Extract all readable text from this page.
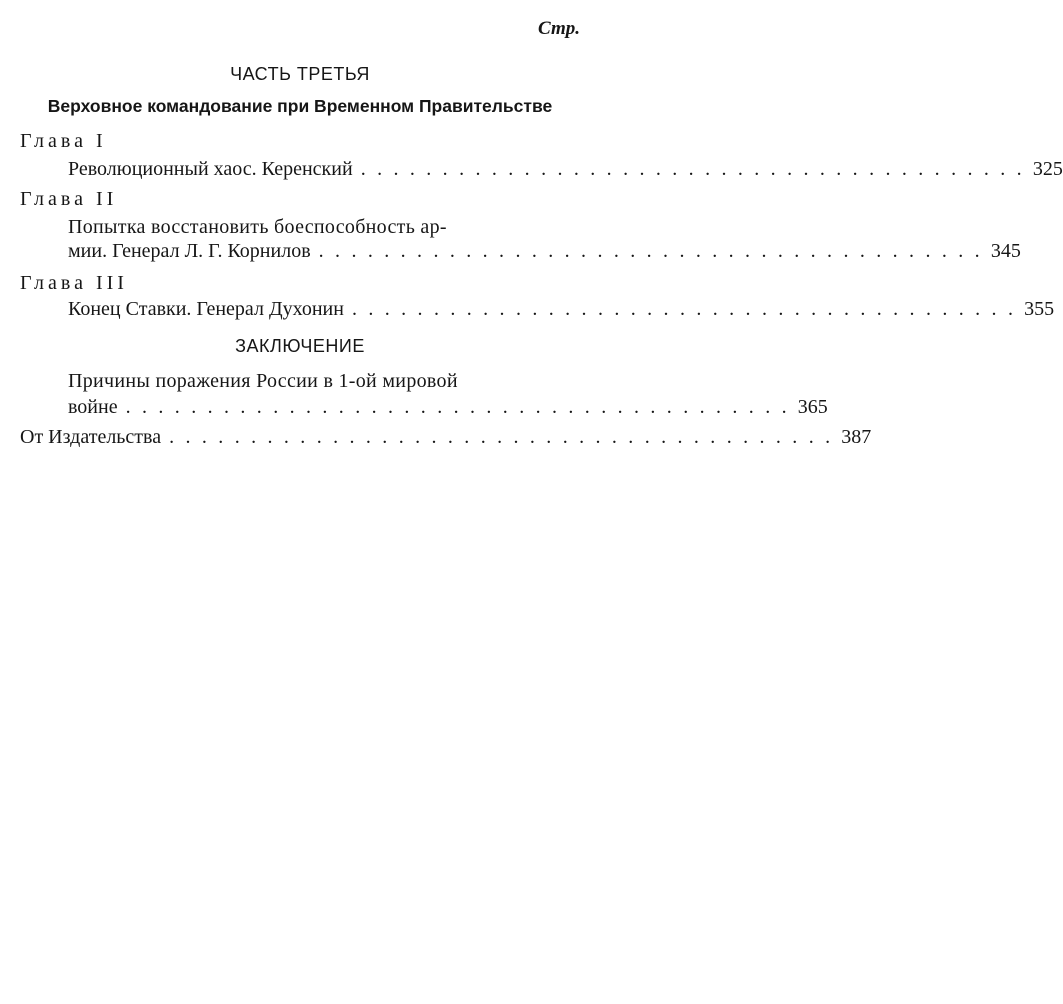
Стр.
ЧАСТЬ ТРЕТЬЯ
Верховное командование при Временном Правительстве
Глава I
Революционный хаос. Керенский . . . . . . . . . . . . . . . . . . . . . . . . . . . . . . . . . . . . . . . . . 325
Глава II
Попытка восстановить боеспособность ар-
мии. Генерал Л. Г. Корнилов . . . . . . . . . . . . . . . . . . . . . . . . . . . . . . . . . . . . . . . . . 345
Глава III
Конец Ставки. Генерал Духонин . . . . . . . . . . . . . . . . . . . . . . . . . . . . . . . . . . . . . . . . . 355
ЗАКЛЮЧЕНИЕ
Причины поражения России в 1-ой мировой
войне . . . . . . . . . . . . . . . . . . . . . . . . . . . . . . . . . . . . . . . . . 365
От Издательства . . . . . . . . . . . . . . . . . . . . . . . . . . . . . . . . . . . . . . . . . 387
